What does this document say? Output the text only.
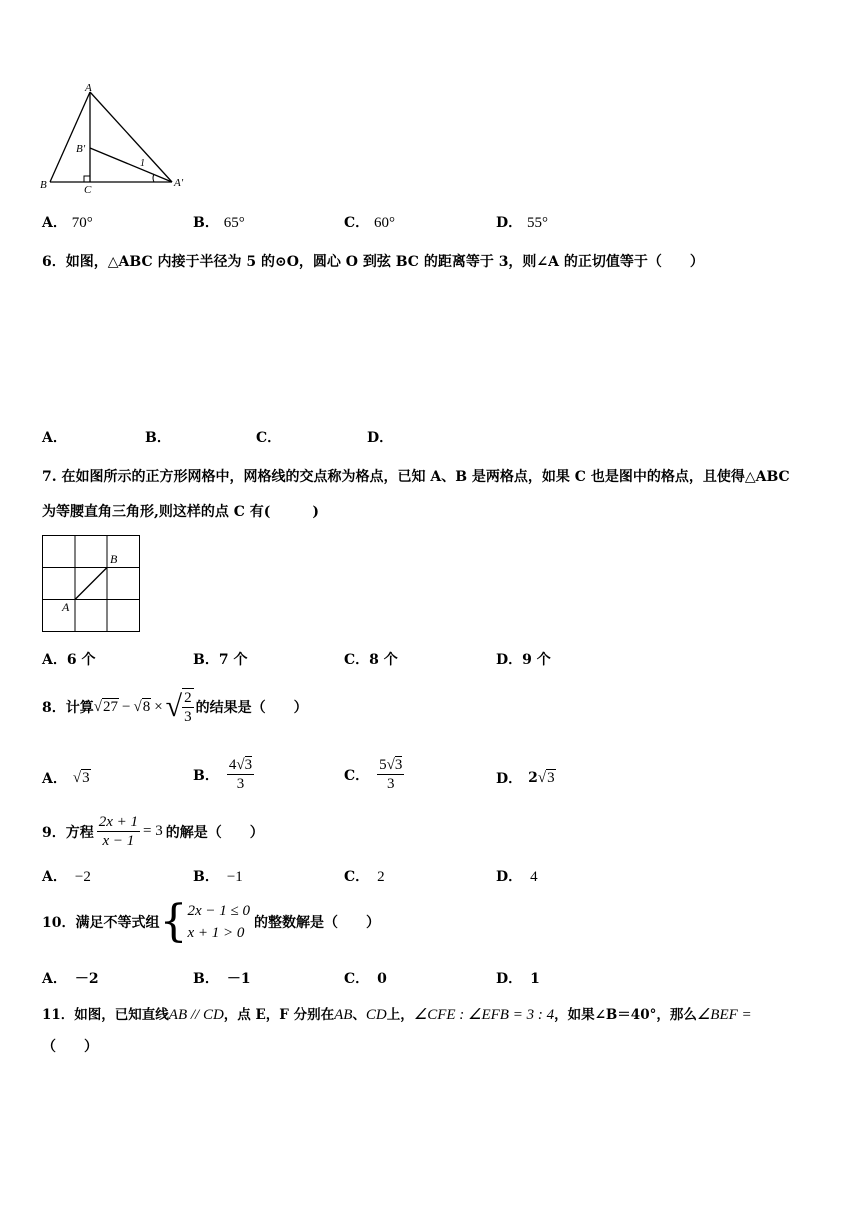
A
B	C
B′
A′
1
A． 70°	B． 65°	C． 60°	D． 55°
6．如图，△ABC 内接于半径为 5 的⊙O，圆心 O 到弦 BC 的距离等于 3，则∠A 的正切值等于（　　）
A．	B．	C．	D．
7. 在如图所示的正方形网格中，网格线的交点称为格点，已知 A、B 是两格点，如果 C 也是图中的格点，且使得△ABC
为等腰直角三角形,则这样的点 C 有(　　　)
B
A
A．6 个	B．7 个	C．8 个	D．9 个
8．计算 √27 − √8 × √ $\frac{2}{3}$ 的结果是（　　）
A． √3	B． $\frac{4√3}{3}$	C． $\frac{5√3}{3}$	D． 2 √3
9．方程 $\frac{2x + 1}{x - 1} = 3$ 的解是（　　）
A． −2	B． −1	C． 2	D． 4
10．满足不等式组 { 2x − 1 ≤ 0
x + 1 > 0
的整数解是（　　）
A． －2	B． －1	C． 0	D． 1
11．如图，已知直线AB // CD，点 E，F 分别在AB、CD上，∠CFE : ∠EFB = 3 : 4，如果∠B＝40°，那么∠BEF =
（　　）
